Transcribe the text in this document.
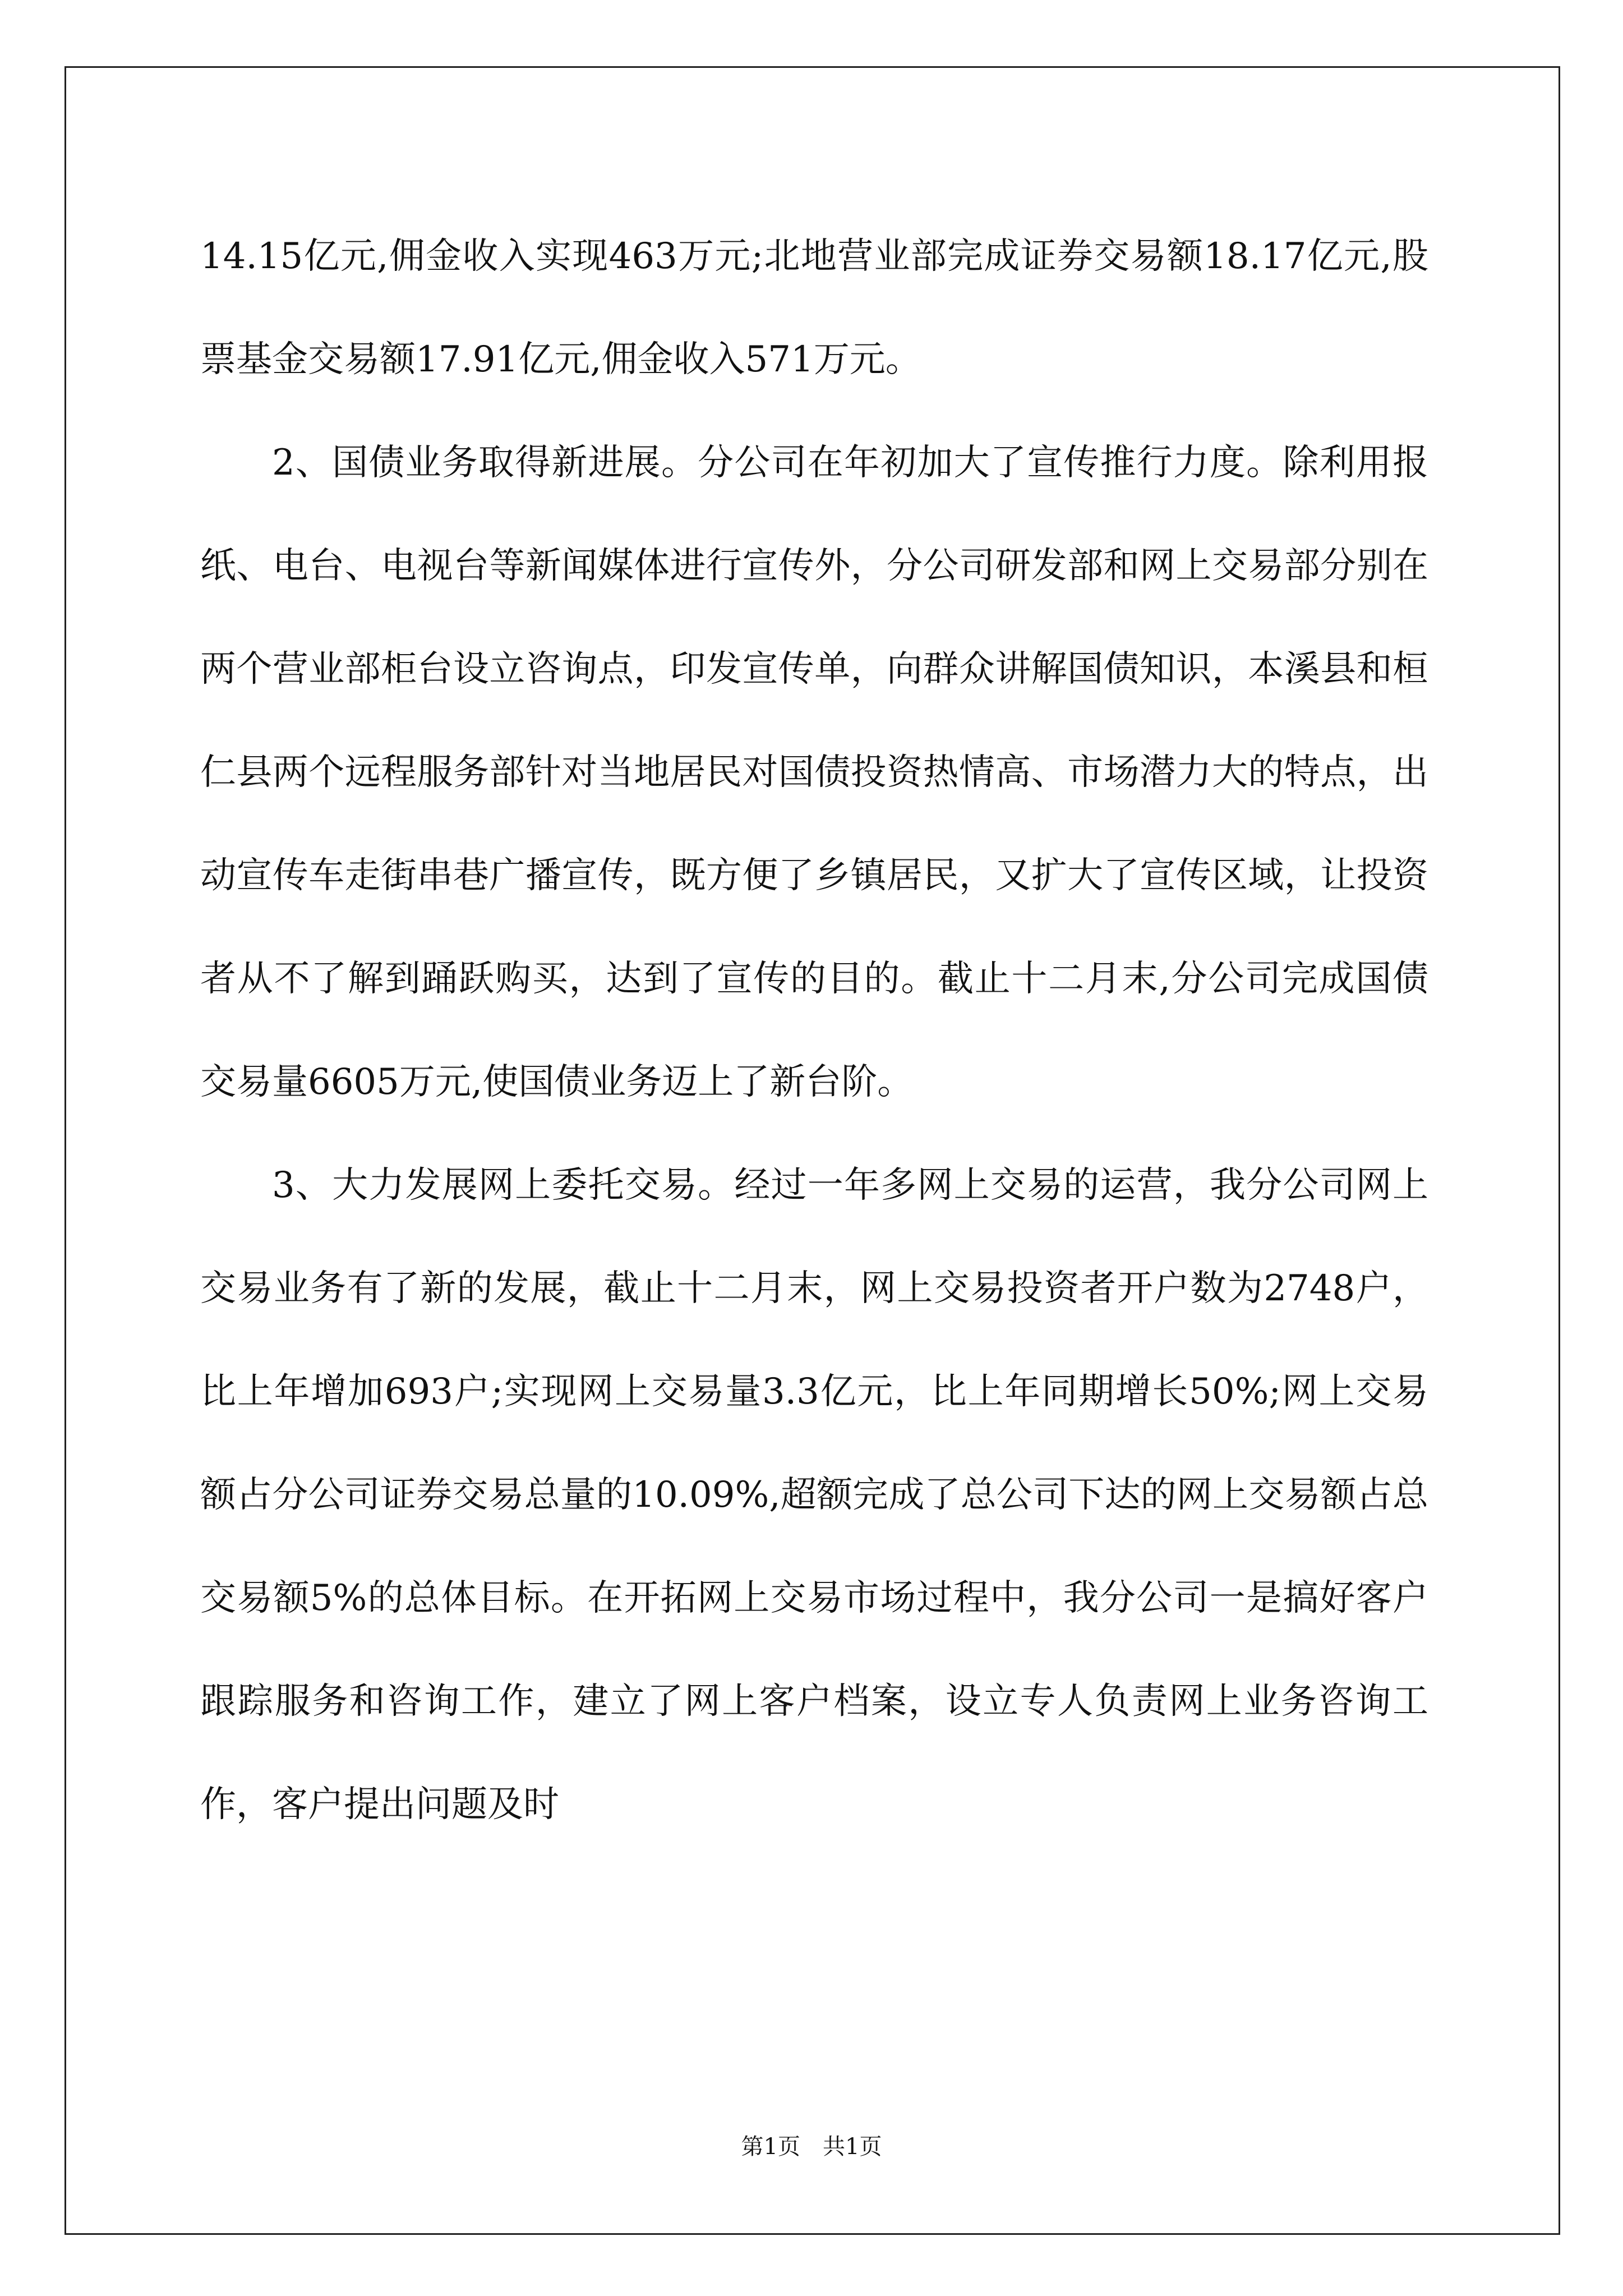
14.15亿元,佣金收入实现463万元;北地营业部完成证券交易额18.17亿元,股票基金交易额17.91亿元,佣金收入571万元。

2、国债业务取得新进展。分公司在年初加大了宣传推行力度。除利用报纸、电台、电视台等新闻媒体进行宣传外，分公司研发部和网上交易部分别在两个营业部柜台设立咨询点，印发宣传单，向群众讲解国债知识，本溪县和桓仁县两个远程服务部针对当地居民对国债投资热情高、市场潜力大的特点，出动宣传车走街串巷广播宣传，既方便了乡镇居民，又扩大了宣传区域，让投资者从不了解到踊跃购买，达到了宣传的目的。截止十二月末,分公司完成国债交易量6605万元,使国债业务迈上了新台阶。

3、大力发展网上委托交易。经过一年多网上交易的运营，我分公司网上交易业务有了新的发展，截止十二月末，网上交易投资者开户数为2748户，比上年增加693户;实现网上交易量3.3亿元，比上年同期增长50%;网上交易额占分公司证券交易总量的10.09%,超额完成了总公司下达的网上交易额占总交易额5%的总体目标。在开拓网上交易市场过程中，我分公司一是搞好客户跟踪服务和咨询工作，建立了网上客户档案，设立专人负责网上业务咨询工作，客户提出问题及时

第1页　共1页
